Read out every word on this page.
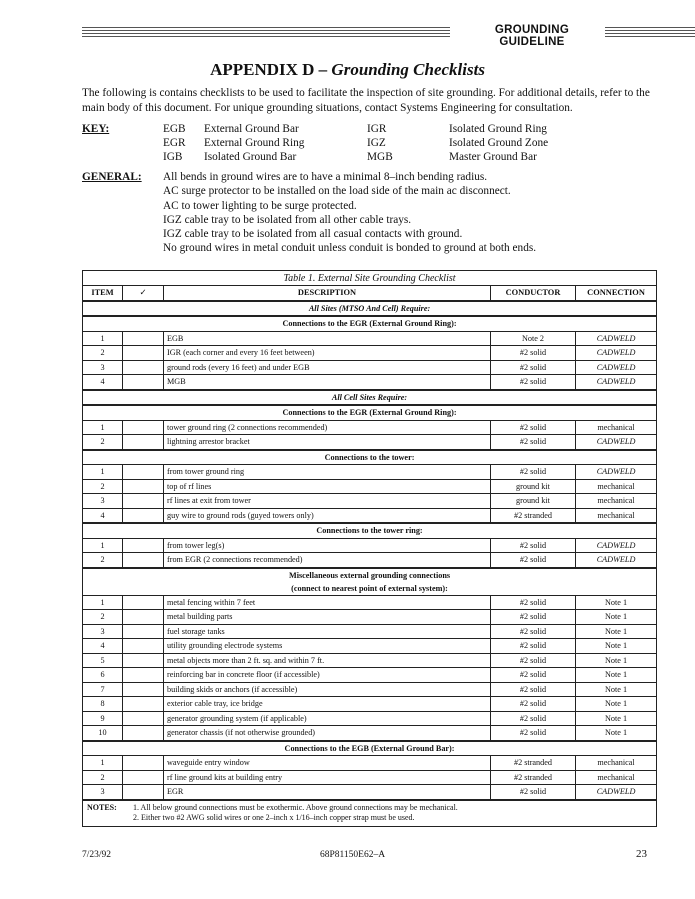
GROUNDING GUIDELINE
APPENDIX D – Grounding Checklists
The following is contains checklists to be used to facilitate the inspection of site grounding. For additional details, refer to the main body of this document. For unique grounding situations, contact Systems Engineering for consultation.
KEY:	EGB External Ground Bar	IGR	Isolated Ground Ring
EGR External Ground Ring	IGZ	Isolated Ground Zone
IGB Isolated Ground Bar	MGB	Master Ground Bar
GENERAL: All bends in ground wires are to have a minimal 8–inch bending radius.
AC surge protector to be installed on the load side of the main ac disconnect.
AC to tower lighting to be surge protected.
IGZ cable tray to be isolated from all other cable trays.
IGZ cable tray to be isolated from all casual contacts with ground.
No ground wires in metal conduit unless conduit is bonded to ground at both ends.
Table 1. External Site Grounding Checklist				
ITEM	✓	DESCRIPTION	CONDUCTOR	CONNECTION

All Sites (MTSO And Cell) Require:				

Connections to the EGR (External Ground Ring):				

1		EGB	Note 2	CADWELD
2		IGR (each corner and every 16 feet between)	#2 solid	CADWELD
3		ground rods (every 16 feet) and under EGB	#2 solid	CADWELD
4		MGB	#2 solid	CADWELD

All Cell Sites Require:				

Connections to the EGR (External Ground Ring):				

1		tower ground ring (2 connections recommended)	#2 solid	mechanical
2		lightning arrestor bracket	#2 solid	CADWELD

Connections to the tower:				

1		from tower ground ring	#2 solid	CADWELD
2		top of rf lines	ground kit	mechanical
3		rf lines at exit from tower	ground kit	mechanical
4		guy wire to ground rods (guyed towers only)	#2 stranded	mechanical

Connections to the tower ring:				

1		from tower leg(s)	#2 solid	CADWELD
2		from EGR (2 connections recommended)	#2 solid	CADWELD

Miscellaneous external grounding connections
(connect to nearest point of external system):				

1		metal fencing within 7 feet	#2 solid	Note 1
2		metal building parts	#2 solid	Note 1
3		fuel storage tanks	#2 solid	Note 1
4		utility grounding electrode systems	#2 solid	Note 1
5		metal objects more than 2 ft. sq. and within 7 ft.	#2 solid	Note 1
6		reinforcing bar in concrete floor (if accessible)	#2 solid	Note 1
7		building skids or anchors (if accessible)	#2 solid	Note 1
8		exterior cable tray, ice bridge	#2 solid	Note 1
9		generator grounding system (if applicable)	#2 solid	Note 1
10		generator chassis (if not otherwise grounded)	#2 solid	Note 1

Connections to the EGB (External Ground Bar):				

1		waveguide entry window	#2 stranded	mechanical
2		rf line ground kits at building entry	#2 stranded	mechanical
3		EGR	#2 solid	CADWELD

NOTES: 1. All below ground connections must be exothermic. Above ground connections may be mechanical.
2. Either two #2 AWG solid wires or one 2–inch x 1/16–inch copper strap must be used.				
7/23/92	68P81150E62–A	23
